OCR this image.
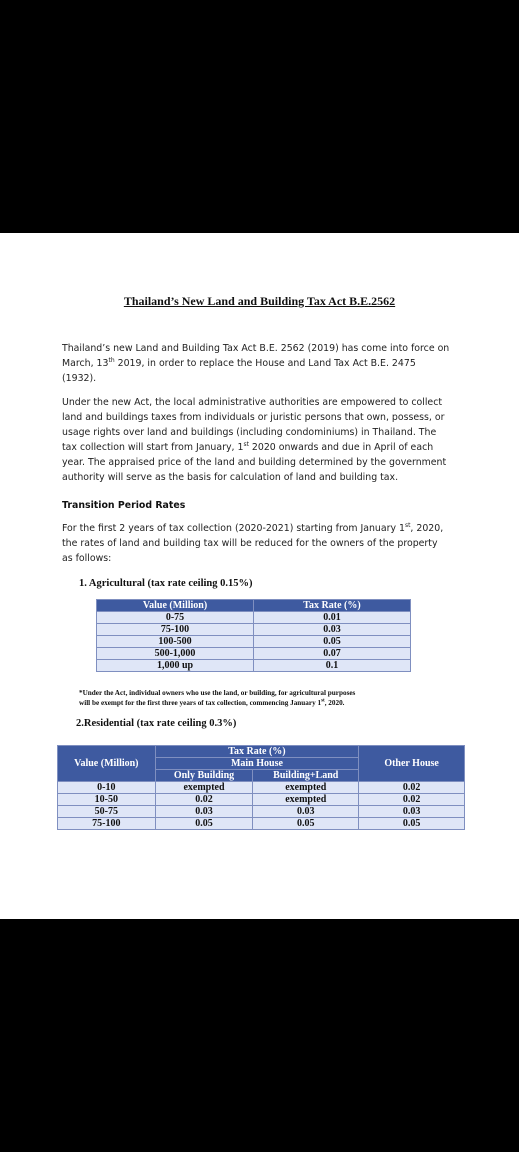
Thailand’s New Land and Building Tax Act B.E.2562
Thailand’s new Land and Building Tax Act B.E. 2562 (2019) has come into force on
March, 13th 2019, in order to replace the House and Land Tax Act B.E. 2475
(1932).
Under the new Act, the local administrative authorities are empowered to collect
land and buildings taxes from individuals or juristic persons that own, possess, or
usage rights over land and buildings (including condominiums) in Thailand. The
tax collection will start from January, 1st 2020 onwards and due in April of each
year. The appraised price of the land and building determined by the government
authority will serve as the basis for calculation of land and building tax.
Transition Period Rates
For the first 2 years of tax collection (2020-2021) starting from January 1st, 2020,
the rates of land and building tax will be reduced for the owners of the property
as follows:
1. Agricultural (tax rate ceiling 0.15%)
Value (Million)	Tax Rate (%)
0-75	0.01
75-100	0.03
100-500	0.05
500-1,000	0.07
1,000 up	0.1
*Under the Act, individual owners who use the land, or building, for agricultural purposes
will be exempt for the first three years of tax collection, commencing January 1st, 2020.
2.Residential (tax rate ceiling 0.3%)
Value (Million)	Tax Rate (%)		Other House
	Main House		
	Only Building	Building+Land	
0-10	exempted	exempted	0.02
10-50	0.02	exempted	0.02
50-75	0.03	0.03	0.03
75-100	0.05	0.05	0.05
